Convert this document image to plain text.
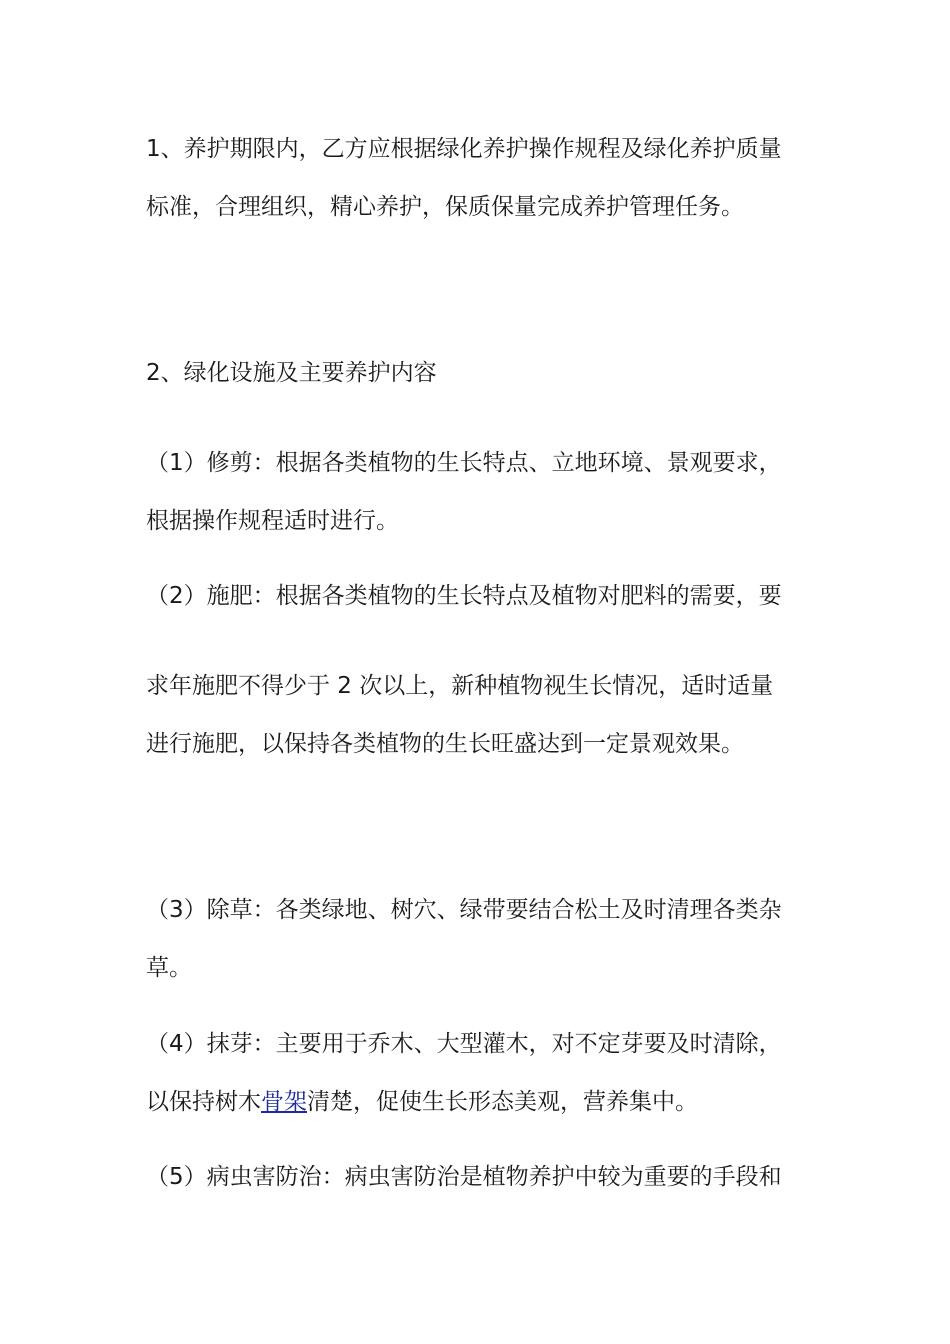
1、养护期限内，乙方应根据绿化养护操作规程及绿化养护质量
标准，合理组织，精心养护，保质保量完成养护管理任务。
2、绿化设施及主要养护内容
（1）修剪：根据各类植物的生长特点、立地环境、景观要求，
根据操作规程适时进行。
（2）施肥：根据各类植物的生长特点及植物对肥料的需要，要
求年施肥不得少于 2 次以上，新种植物视生长情况，适时适量
进行施肥，以保持各类植物的生长旺盛达到一定景观效果。
（3）除草：各类绿地、树穴、绿带要结合松土及时清理各类杂
草。
（4）抹芽：主要用于乔木、大型灌木，对不定芽要及时清除，
以保持树木骨架清楚，促使生长形态美观，营养集中。
（5）病虫害防治：病虫害防治是植物养护中较为重要的手段和
